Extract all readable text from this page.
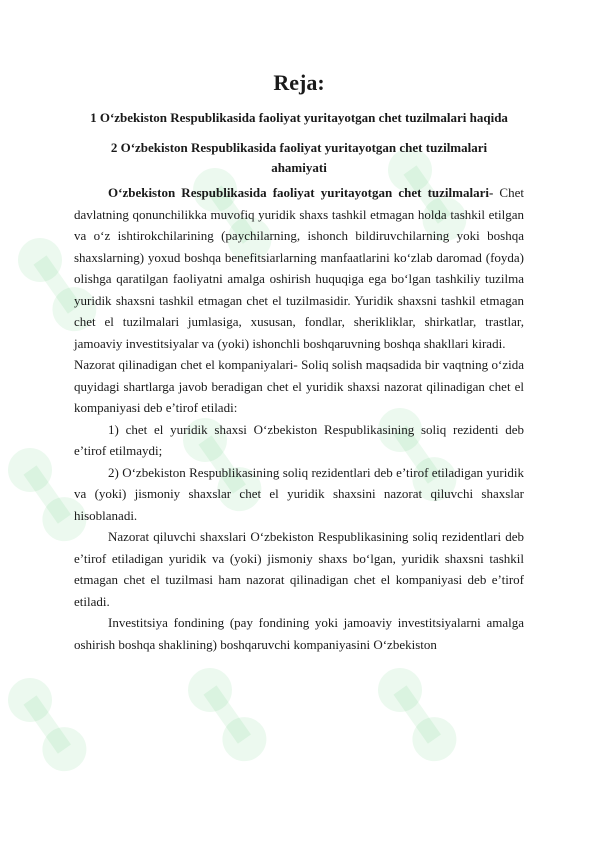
Reja:
1 O‘zbekiston Respublikasida faoliyat yuritayotgan chet tuzilmalari haqida
2 O‘zbekiston Respublikasida faoliyat yuritayotgan chet tuzilmalari ahamiyati

O‘zbekiston Respublikasida faoliyat yuritayotgan chet tuzilmalari- Chet davlatning qonunchilikka muvofiq yuridik shaxs tashkil etmagan holda tashkil etilgan va o‘z ishtirokchilarining (paychilarning, ishonch bildiruvchilarning yoki boshqa shaxslarning) yoxud boshqa benefitsiarlarning manfaatlarini ko‘zlab daromad (foyda) olishga qaratilgan faoliyatni amalga oshirish huquqiga ega bo‘lgan tashkiliy tuzilma yuridik shaxsni tashkil etmagan chet el tuzilmasidir. Yuridik shaxsni tashkil etmagan chet el tuzilmalari jumlasiga, xususan, fondlar, sherikliklar, shirkatlar, trastlar, jamoaviy investitsiyalar va (yoki) ishonchli boshqaruvning boshqa shakllari kiradi.

Nazorat qilinadigan chet el kompaniyalari- Soliq solish maqsadida bir vaqtning o‘zida quyidagi shartlarga javob beradigan chet el yuridik shaxsi nazorat qilinadigan chet el kompaniyasi deb e’tirof etiladi:

1) chet el yuridik shaxsi O‘zbekiston Respublikasining soliq rezidenti deb e’tirof etilmaydi;

2) O‘zbekiston Respublikasining soliq rezidentlari deb e’tirof etiladigan yuridik va (yoki) jismoniy shaxslar chet el yuridik shaxsini nazorat qiluvchi shaxslar hisoblanadi.

Nazorat qiluvchi shaxslari O‘zbekiston Respublikasining soliq rezidentlari deb e’tirof etiladigan yuridik va (yoki) jismoniy shaxs bo‘lgan, yuridik shaxsni tashkil etmagan chet el tuzilmasi ham nazorat qilinadigan chet el kompaniyasi deb e’tirof etiladi.

Investitsiya fondining (pay fondining yoki jamoaviy investitsiyalarni amalga oshirish boshqa shaklining) boshqaruvchi kompaniyasini O‘zbekiston
